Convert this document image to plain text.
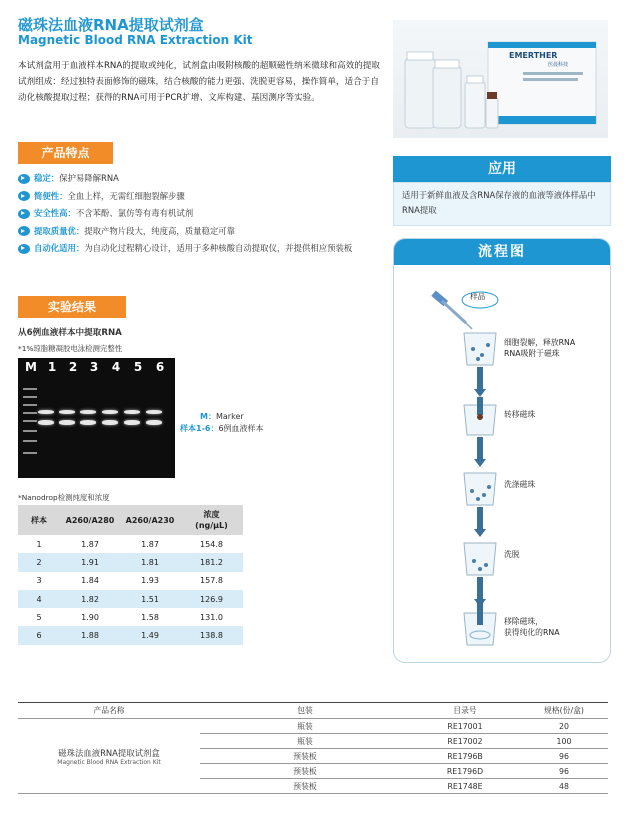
磁珠法血液RNA提取试剂盒
Magnetic Blood RNA Extraction Kit
本试剂盒用于血液样本RNA的提取或纯化，试剂盒由吸附核酸的超顺磁性纳米微球和高效的提取试剂组成：经过独特表面修饰的磁珠，结合核酸的能力更强、洗脱更容易，操作简单，适合于自动化核酸提取过程；获得的RNA可用于PCR扩增、文库构建、基因测序等实验。
EMERTHER
医晨科技
产品特点
稳定：保护易降解RNA
简便性：全血上样，无需红细胞裂解步骤
安全性高：不含苯酚、氯仿等有毒有机试剂
提取质量优：提取产物片段大，纯度高，质量稳定可靠
自动化适用：为自动化过程精心设计，适用于多种核酸自动提取仪，并提供相应预装板
实验结果
从6例血液样本中提取RNA
*1%琼脂糖凝胶电泳检测完整性
M 1	2	3	4	5	6
M：Marker
样本1-6：6例血液样本
*Nanodrop检测纯度和浓度
样本	A260/A280	A260/A230	浓度
(ng/μL)
1	1.87	1.87	154.8
2	1.91	1.81	181.2
3	1.84	1.93	157.8
4	1.82	1.51	126.9
5	1.90	1.58	131.0
6	1.88	1.49	138.8
应用
适用于新鲜血液及含RNA保存液的血液等液体样品中RNA提取
流程图
样品
细胞裂解，释放RNA
RNA吸附于磁珠
转移磁珠
洗涤磁珠
洗脱
移除磁珠，
获得纯化的RNA
产品名称	包装	目录号	规格(份/盒)

磁珠法血液RNA提取试剂盒
Magnetic Blood RNA Extraction Kit	瓶装	RE17001	20
	瓶装	RE17002	100
	预装板	RE1796B	96
	预装板	RE1796D	96
	预装板	RE1748E	48
